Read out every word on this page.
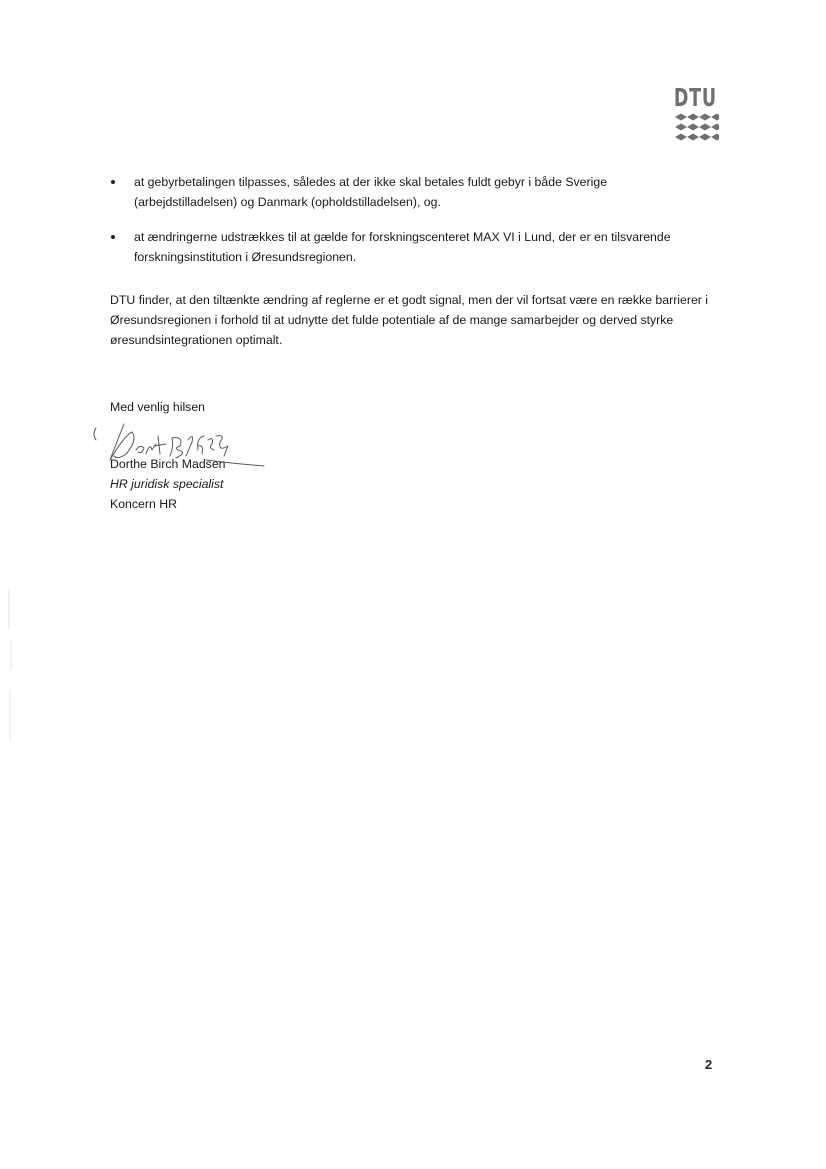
DTU
at gebyrbetalingen tilpasses, således at der ikke skal betales fuldt gebyr i både Sverige (arbejdstilladelsen) og Danmark (opholdstilladelsen), og.
at ændringerne udstrækkes til at gælde for forskningscenteret MAX VI i Lund, der er en tilsvarende forskningsinstitution i Øresundsregionen.

DTU finder, at den tiltænkte ændring af reglerne er et godt signal, men der vil fortsat være en række barrierer i Øresundsregionen i forhold til at udnytte det fulde potentiale af de mange samarbejder og derved styrke øresundsintegrationen optimalt.

Med venlig hilsen
Dorthe Birch Madsen
HR juridisk specialist
Koncern HR
2
